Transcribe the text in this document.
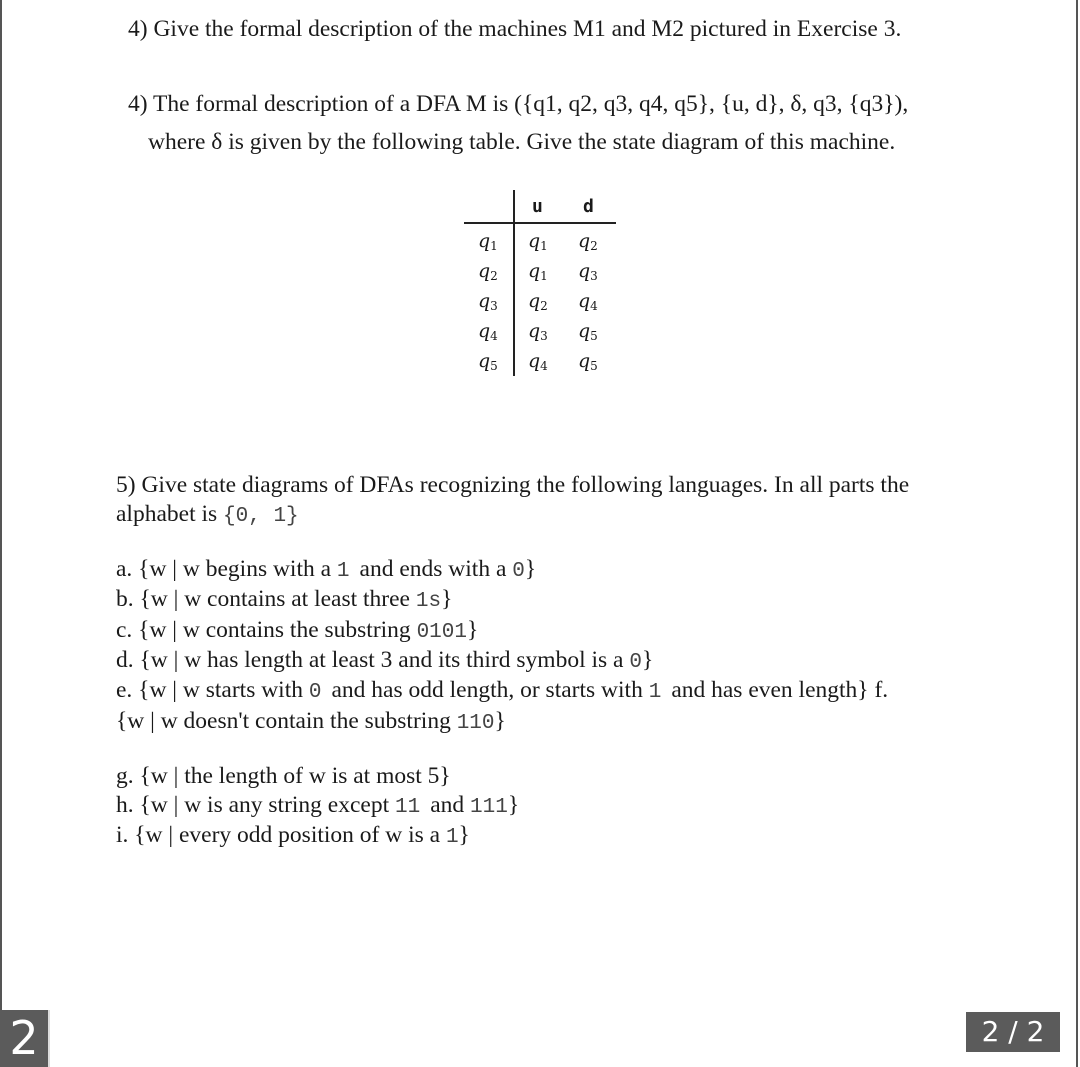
4) Give the formal description of the machines M1 and M2 pictured in Exercise 3.
4) The formal description of a DFA M is ({q1, q2, q3, q4, q5}, {u, d}, δ, q3, {q3}),
where δ is given by the following table. Give the state diagram of this machine.
u d
$q_1$ $q_1$ $q_2$
$q_2$ $q_1$ $q_3$
$q_3$ $q_2$ $q_4$
$q_4$ $q_3$ $q_5$
$q_5$ $q_4$ $q_5$
5) Give state diagrams of DFAs recognizing the following languages. In all parts the
alphabet is {0, 1}
a. {w | w begins with a 1 and ends with a 0}
b. {w | w contains at least three 1s}
c. {w | w contains the substring 0101}
d. {w | w has length at least 3 and its third symbol is a 0}
e. {w | w starts with 0 and has odd length, or starts with 1 and has even length} f.
{w | w doesn't contain the substring 110}
g. {w | the length of w is at most 5}
h. {w | w is any string except 11 and 111}
i. {w | every odd position of w is a 1}
2	2 / 2
